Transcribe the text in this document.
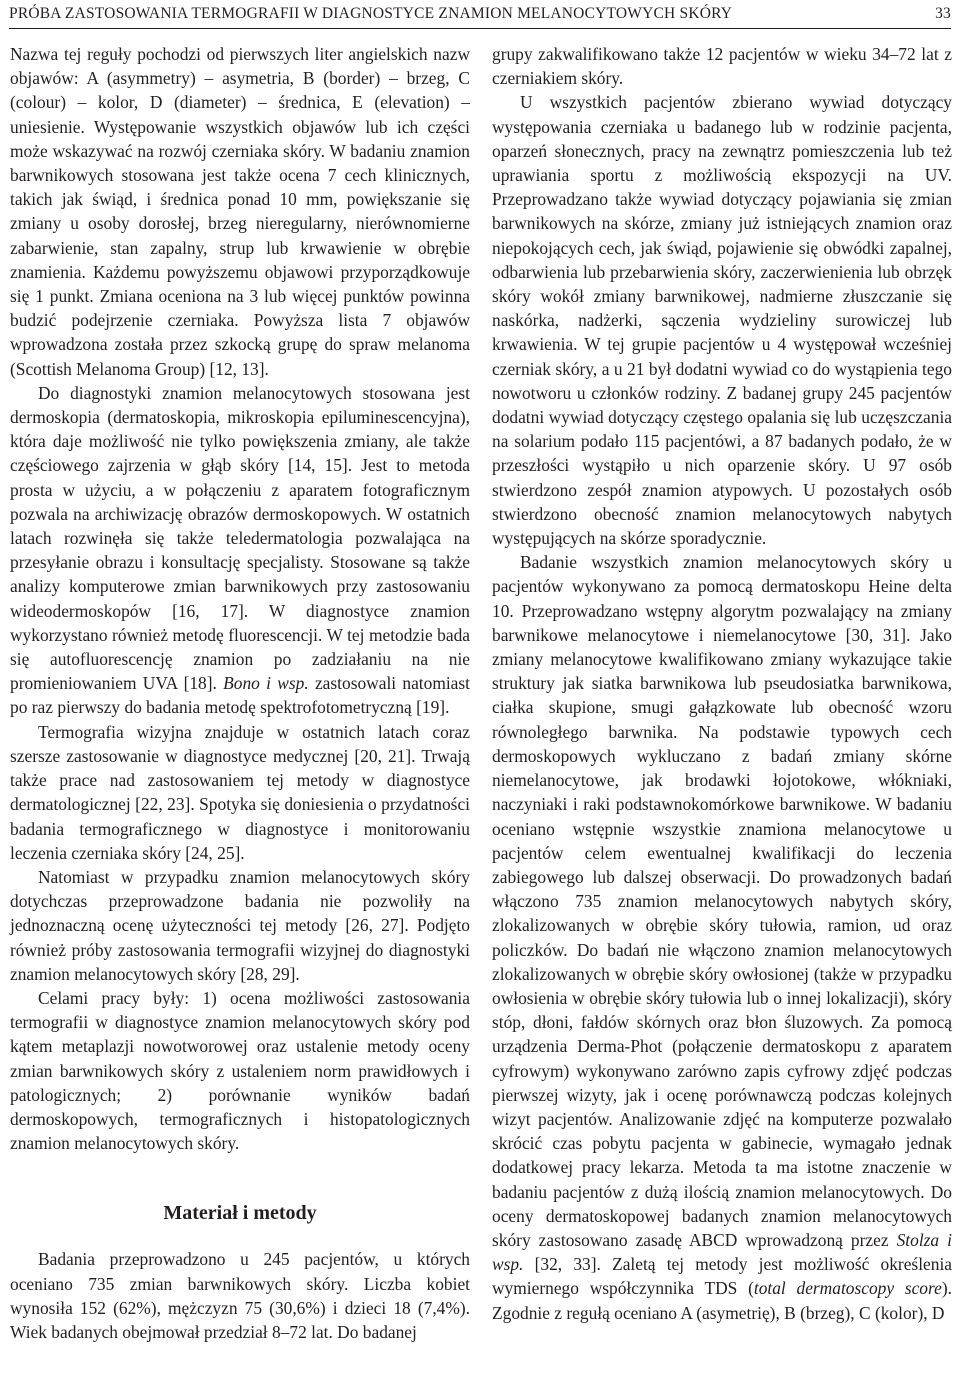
PRÓBA ZASTOSOWANIA TERMOGRAFII W DIAGNOSTYCE ZNAMION MELANOCYTOWYCH SKÓRY	33

Nazwa tej reguły pochodzi od pierwszych liter angielskich nazw objawów: A (asymmetry) – asymetria, B (border) – brzeg, C (colour) – kolor, D (diameter) – średnica, E (elevation) – uniesienie. Występowanie wszystkich objawów lub ich części może wskazywać na rozwój czerniaka skóry. W badaniu znamion barwnikowych stosowana jest także ocena 7 cech klinicznych, takich jak świąd, i średnica ponad 10 mm, powiększanie się zmiany u osoby dorosłej, brzeg nieregularny, nierównomierne zabarwienie, stan zapalny, strup lub krwawienie w obrębie znamienia. Każdemu powyższemu objawowi przyporządkowuje się 1 punkt. Zmiana oceniona na 3 lub więcej punktów powinna budzić podejrzenie czerniaka. Powyższa lista 7 objawów wprowadzona została przez szkocką grupę do spraw melanoma (Scottish Melanoma Group) [12, 13].

Do diagnostyki znamion melanocytowych stosowana jest dermoskopia (dermatoskopia, mikroskopia epiluminescencyjna), która daje możliwość nie tylko powiększenia zmiany, ale także częściowego zajrzenia w głąb skóry [14, 15]. Jest to metoda prosta w użyciu, a w połączeniu z aparatem fotograficznym pozwala na archiwizację obrazów dermoskopowych. W ostatnich latach rozwinęła się także teledermatologia pozwalająca na przesyłanie obrazu i konsultację specjalisty. Stosowane są także analizy komputerowe zmian barwnikowych przy zastosowaniu wideodermoskopów [16, 17]. W diagnostyce znamion wykorzystano również metodę fluorescencji. W tej metodzie bada się autofluorescencję znamion po zadziałaniu na nie promieniowaniem UVA [18]. Bono i wsp. zastosowali natomiast po raz pierwszy do badania metodę spektrofotometryczną [19].

Termografia wizyjna znajduje w ostatnich latach coraz szersze zastosowanie w diagnostyce medycznej [20, 21]. Trwają także prace nad zastosowaniem tej metody w diagnostyce dermatologicznej [22, 23]. Spotyka się doniesienia o przydatności badania termograficznego w diagnostyce i monitorowaniu leczenia czerniaka skóry [24, 25].

Natomiast w przypadku znamion melanocytowych skóry dotychczas przeprowadzone badania nie pozwoliły na jednoznaczną ocenę użyteczności tej metody [26, 27]. Podjęto również próby zastosowania termografii wizyjnej do diagnostyki znamion melanocytowych skóry [28, 29].

Celami pracy były: 1) ocena możliwości zastosowania termografii w diagnostyce znamion melanocytowych skóry pod kątem metaplazji nowotworowej oraz ustalenie metody oceny zmian barwnikowych skóry z ustaleniem norm prawidłowych i patologicznych; 2) porównanie wyników badań dermoskopowych, termograficznych i histopatologicznych znamion melanocytowych skóry.

Materiał i metody

Badania przeprowadzono u 245 pacjentów, u których oceniano 735 zmian barwnikowych skóry. Liczba kobiet wynosiła 152 (62%), mężczyzn 75 (30,6%) i dzieci 18 (7,4%). Wiek badanych obejmował przedział 8–72 lat. Do badanej

grupy zakwalifikowano także 12 pacjentów w wieku 34–72 lat z czerniakiem skóry.

U wszystkich pacjentów zbierano wywiad dotyczący występowania czerniaka u badanego lub w rodzinie pacjenta, oparzeń słonecznych, pracy na zewnątrz pomieszczenia lub też uprawiania sportu z możliwością ekspozycji na UV. Przeprowadzano także wywiad dotyczący pojawiania się zmian barwnikowych na skórze, zmiany już istniejących znamion oraz niepokojących cech, jak świąd, pojawienie się obwódki zapalnej, odbarwienia lub przebarwienia skóry, zaczerwienienia lub obrzęk skóry wokół zmiany barwnikowej, nadmierne złuszczanie się naskórka, nadżerki, sączenia wydzieliny surowiczej lub krwawienia. W tej grupie pacjentów u 4 występował wcześniej czerniak skóry, a u 21 był dodatni wywiad co do wystąpienia tego nowotworu u członków rodziny. Z badanej grupy 245 pacjentów dodatni wywiad dotyczący częstego opalania się lub uczęszczania na solarium podało 115 pacjentówi, a 87 badanych podało, że w przeszłości wystąpiło u nich oparzenie skóry. U 97 osób stwierdzono zespół znamion atypowych. U pozostałych osób stwierdzono obecność znamion melanocytowych nabytych występujących na skórze sporadycznie.

Badanie wszystkich znamion melanocytowych skóry u pacjentów wykonywano za pomocą dermatoskopu Heine delta 10. Przeprowadzano wstępny algorytm pozwalający na zmiany barwnikowe melanocytowe i niemelanocytowe [30, 31]. Jako zmiany melanocytowe kwalifikowano zmiany wykazujące takie struktury jak siatka barwnikowa lub pseudosiatka barwnikowa, ciałka skupione, smugi gałązkowate lub obecność wzoru równoległego barwnika. Na podstawie typowych cech dermoskopowych wykluczano z badań zmiany skórne niemelanocytowe, jak brodawki łojotokowe, włókniaki, naczyniaki i raki podstawnokomórkowe barwnikowe. W badaniu oceniano wstępnie wszystkie znamiona melanocytowe u pacjentów celem ewentualnej kwalifikacji do leczenia zabiegowego lub dalszej obserwacji. Do prowadzonych badań włączono 735 znamion melanocytowych nabytych skóry, zlokalizowanych w obrębie skóry tułowia, ramion, ud oraz policzków. Do badań nie włączono znamion melanocytowych zlokalizowanych w obrębie skóry owłosionej (także w przypadku owłosienia w obrębie skóry tułowia lub o innej lokalizacji), skóry stóp, dłoni, fałdów skórnych oraz błon śluzowych. Za pomocą urządzenia Derma-Phot (połączenie dermatoskopu z aparatem cyfrowym) wykonywano zarówno zapis cyfrowy zdjęć podczas pierwszej wizyty, jak i ocenę porównawczą podczas kolejnych wizyt pacjentów. Analizowanie zdjęć na komputerze pozwalało skrócić czas pobytu pacjenta w gabinecie, wymagało jednak dodatkowej pracy lekarza. Metoda ta ma istotne znaczenie w badaniu pacjentów z dużą ilością znamion melanocytowych. Do oceny dermatoskopowej badanych znamion melanocytowych skóry zastosowano zasadę ABCD wprowadzoną przez Stolza i wsp. [32, 33]. Zaletą tej metody jest możliwość określenia wymiernego współczynnika TDS (total dermatoscopy score). Zgodnie z regułą oceniano A (asymetrię), B (brzeg), C (kolor), D
